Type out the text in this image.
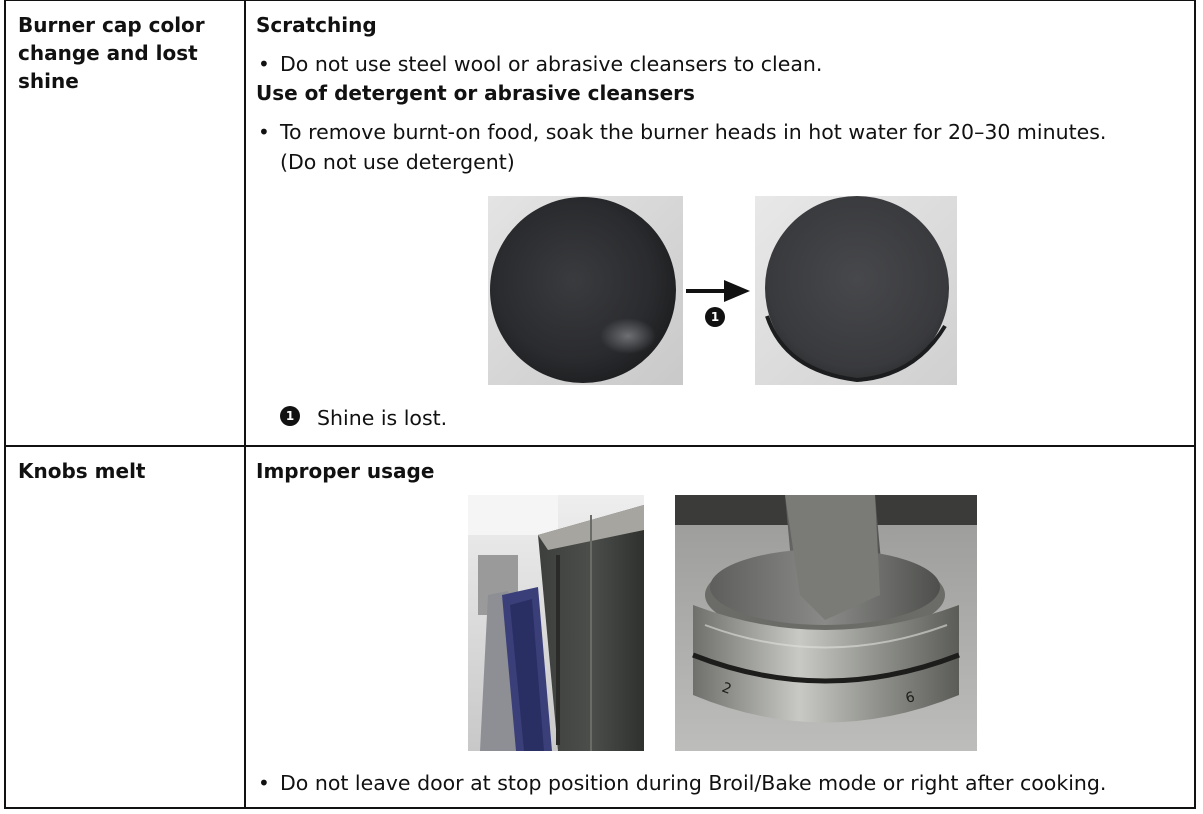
Burner cap color change and lost shine
Scratching
• Do not use steel wool or abrasive cleansers to clean.
Use of detergent or abrasive cleansers
• To remove burnt-on food, soak the burner heads in hot water for 20–30 minutes.
(Do not use detergent)
1
1 Shine is lost.
Knobs melt	Improper usage
2
6
• Do not leave door at stop position during Broil/Bake mode or right after cooking.
